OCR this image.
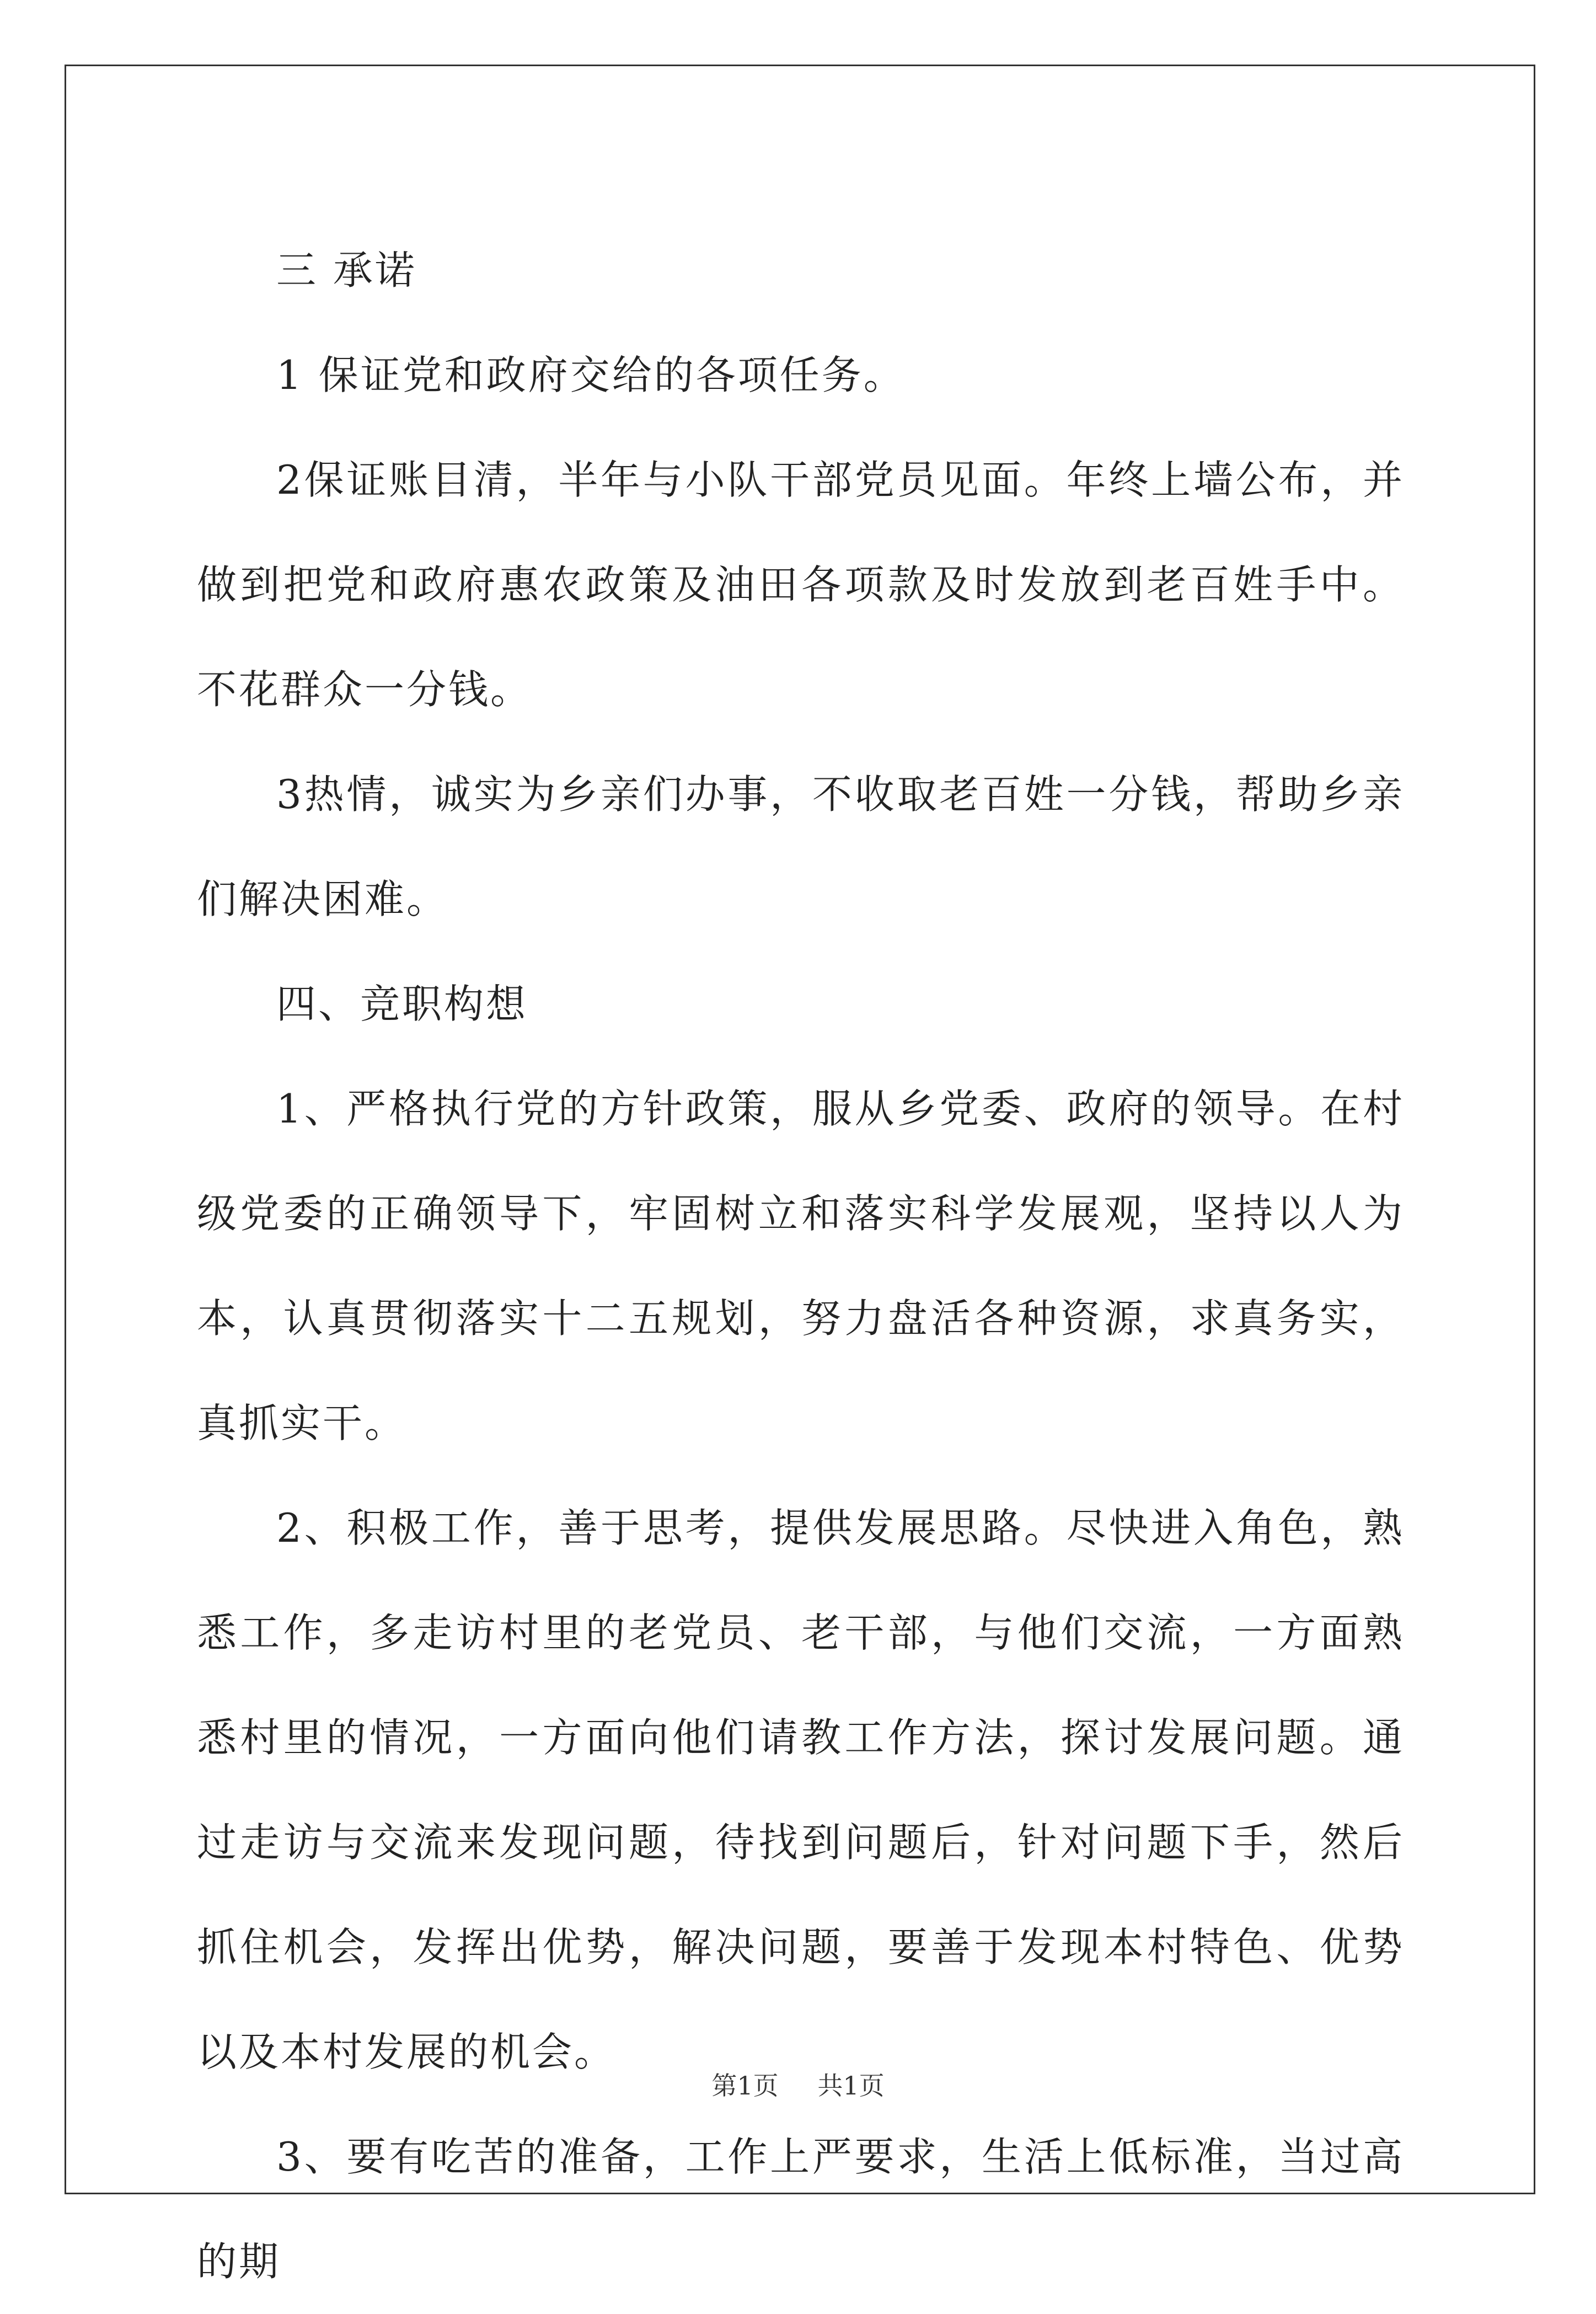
三 承诺

1 保证党和政府交给的各项任务。

2保证账目清，半年与小队干部党员见面。年终上墙公布，并做到把党和政府惠农政策及油田各项款及时发放到老百姓手中。不花群众一分钱。

3热情，诚实为乡亲们办事，不收取老百姓一分钱，帮助乡亲们解决困难。

四、竞职构想

1、严格执行党的方针政策，服从乡党委、政府的领导。在村级党委的正确领导下，牢固树立和落实科学发展观，坚持以人为本，认真贯彻落实十二五规划，努力盘活各种资源，求真务实，真抓实干。

2、积极工作，善于思考，提供发展思路。尽快进入角色，熟悉工作，多走访村里的老党员、老干部，与他们交流，一方面熟悉村里的情况，一方面向他们请教工作方法，探讨发展问题。通过走访与交流来发现问题，待找到问题后，针对问题下手，然后抓住机会，发挥出优势，解决问题，要善于发现本村特色、优势以及本村发展的机会。

3、要有吃苦的准备，工作上严要求，生活上低标准，当过高的期

第1页 共1页
